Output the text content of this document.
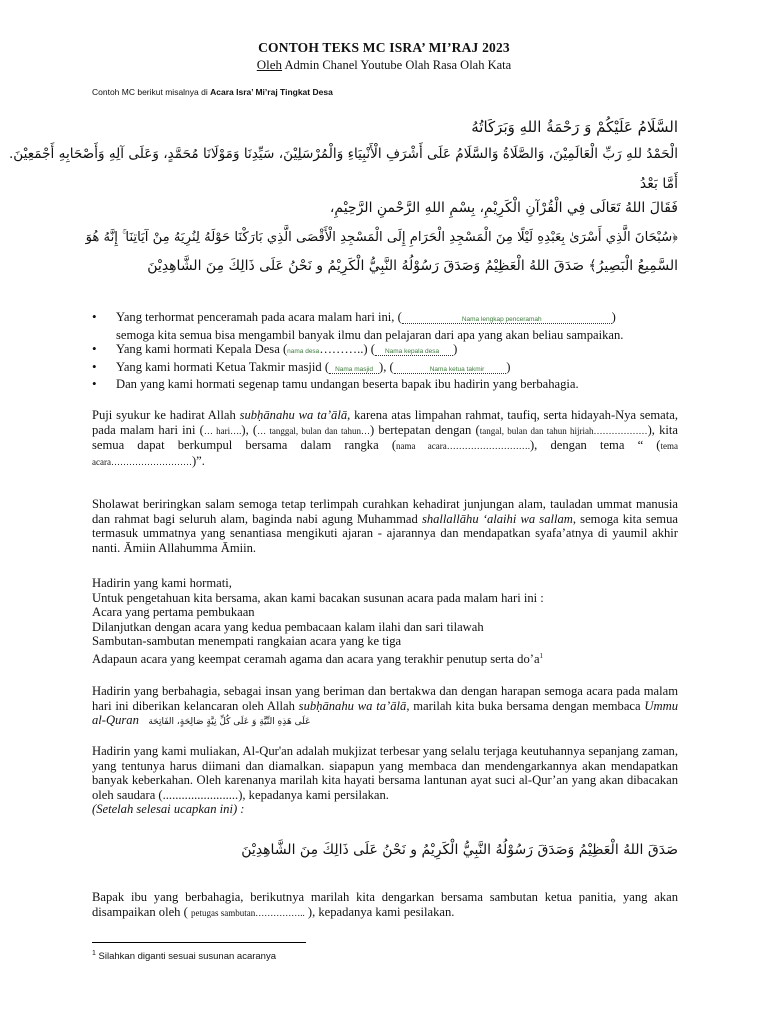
CONTOH TEKS MC ISRA’ MI’RAJ 2023
Oleh Admin Chanel Youtube Olah Rasa Olah Kata
Contoh MC berikut misalnya di Acara Isra’ Mi’raj Tingkat Desa
السَّلَامُ عَلَيْكُمْ وَ رَحْمَةُ اللهِ وَبَرَكَاتُهُ
الْحَمْدُ للهِ رَبِّ الْعَالَمِيْنَ، وَالصَّلَاةُ وَالسَّلَامُ عَلَى أَشْرَفِ الْأَنْبِيَاءِ وَالْمُرْسَلِيْنَ، سَيِّدِنَا وَمَوْلَانَا مُحَمَّدٍ، وَعَلَى آلِهِ وَأَصْحَابِهِ أَجْمَعِيْنَ.
أَمَّا بَعْدُ
فَقَالَ اللهُ تَعَالَى فِي الْقُرْآنِ الْكَرِيْمِ، بِسْمِ اللهِ الرَّحْمنِ الرَّحِيْمِ،
﴿سُبْحَانَ الَّذِي أَسْرَىٰ بِعَبْدِهِ لَيْلًا مِنَ الْمَسْجِدِ الْحَرَامِ إِلَى الْمَسْجِدِ الْأَقْصَى الَّذِي بَارَكْنَا حَوْلَهُ لِنُرِيَهُ مِنْ آيَاتِنَا ۚ إِنَّهُ هُوَ
السَّمِيعُ الْبَصِيرُ﴾ صَدَقَ اللهُ الْعَظِيْمُ وَصَدَقَ رَسُوْلُهُ النَّبِيُّ الْكَرِيْمُ و نَحْنُ عَلَى ذَالِكَ مِنَ الشَّاهِدِيْنَ
• Yang terhormat penceramah pada acara malam hari ini, (	Nama lengkap penceramah	)
semoga kita semua bisa mengambil banyak ilmu dan pelajaran dari apa yang akan beliau sampaikan.
• Yang kami hormati Kepala Desa (nama desa………..) ( Nama kepala desa )
• Yang kami hormati Ketua Takmir masjid ( Nama masjid ), (	Nama ketua takmir )
• Dan yang kami hormati segenap tamu undangan beserta bapak ibu hadirin yang berbahagia.
Puji syukur ke hadirat Allah subḥānahu wa ta’ālā, karena atas limpahan rahmat, taufiq, serta hidayah-Nya semata, pada malam hari ini (… hari….), (… tanggal, bulan dan tahun…) bertepatan dengan (tangal, bulan dan tahun hijriah………………), kita semua dapat berkumpul bersama dalam rangka (nama acara……………………….), dengan tema “ (tema acara………………………)”.
Sholawat beriringkan salam semoga tetap terlimpah curahkan kehadirat junjungan alam, tauladan ummat manusia dan rahmat bagi seluruh alam, baginda nabi agung Muhammad shallallāhu ‘alaihi wa sallam, semoga kita semua termasuk ummatnya yang senantiasa mengikuti ajaran - ajarannya dan mendapatkan syafa’atnya di yaumil akhir nanti. Āmiin Allahumma Āmiin.

Hadirin yang kami hormati,

Untuk pengetahuan kita bersama, akan kami bacakan susunan acara pada malam hari ini :

Acara yang pertama pembukaan

Dilanjutkan dengan acara yang kedua pembacaan kalam ilahi dan sari tilawah

Sambutan-sambutan menempati rangkaian acara yang ke tiga

Adapaun acara yang keempat ceramah agama dan acara yang terakhir penutup serta $do’a^1$

Hadirin yang berbahagia, sebagai insan yang beriman dan bertakwa dan dengan harapan semoga acara pada malam hari ini diberikan kelancaran oleh Allah subḥānahu wa ta’ālā, marilah kita buka bersama dengan membaca Ummu al-Quran عَلَى هَذِهِ النِّيَّةِ وَ عَلَى كُلِّ نِيَّةٍ صَالِحَةٍ، الفَاتِحَة
Hadirin yang kami muliakan, Al-Qur'an adalah mukjizat terbesar yang selalu terjaga keutuhannya sepanjang zaman, yang tentunya harus diimani dan diamalkan. siapapun yang membaca dan mendengarkannya akan mendapatkan banyak keberkahan. Oleh karenanya marilah kita hayati bersama lantunan ayat suci al-Qur’an yang akan dibacakan oleh saudara (........................), kepadanya kami persilakan.
(Setelah selesai ucapkan ini) :
صَدَقَ اللهُ الْعَظِيْمُ وَصَدَقَ رَسُوْلُهُ النَّبِيُّ الْكَرِيْمُ و نَحْنُ عَلَى ذَالِكَ مِنَ الشَّاهِدِيْنَ
Bapak ibu yang berbahagia, berikutnya marilah kita dengarkan bersama sambutan ketua panitia, yang akan disampaikan oleh ( petugas sambutan…………….. ), kepadanya kami pesilakan.
$^1$ Silahkan diganti sesuai susunan acaranya
